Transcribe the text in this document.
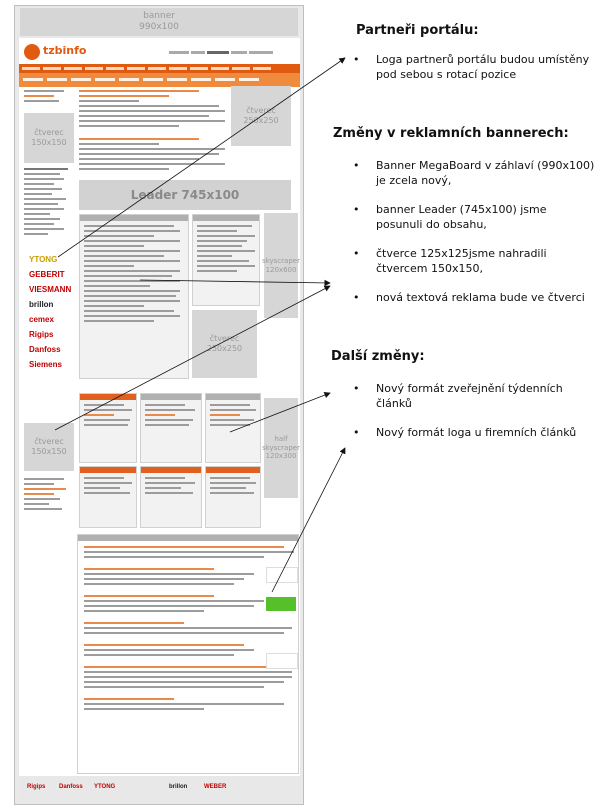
banner
990x100
tzbinfo
čtverec
150x150
YTONG
GEBERIT
VIESMANN
brillon
cemex
Rigips
Danfoss
Siemens
čtverec
150x150
čtverec
250x250
Leader 745x100
skyscraper
120x600
čtverec
250x250
half skyscraper
120x300
Rigips Danfoss YTONG	brillon	WEBER
Partneři portálu:
• Loga partnerů portálu budou umístěny pod sebou s rotací pozice
Změny v reklamních bannerech:
• Banner MegaBoard v záhlaví (990x100) je zcela nový,
• banner Leader (745x100) jsme posunuli do obsahu,
• čtverce 125x125jsme nahradili čtvercem 150x150,
• nová textová reklama bude ve čtverci
Další změny:
• Nový formát zveřejnění týdenních článků
• Nový formát loga u firemních článků
